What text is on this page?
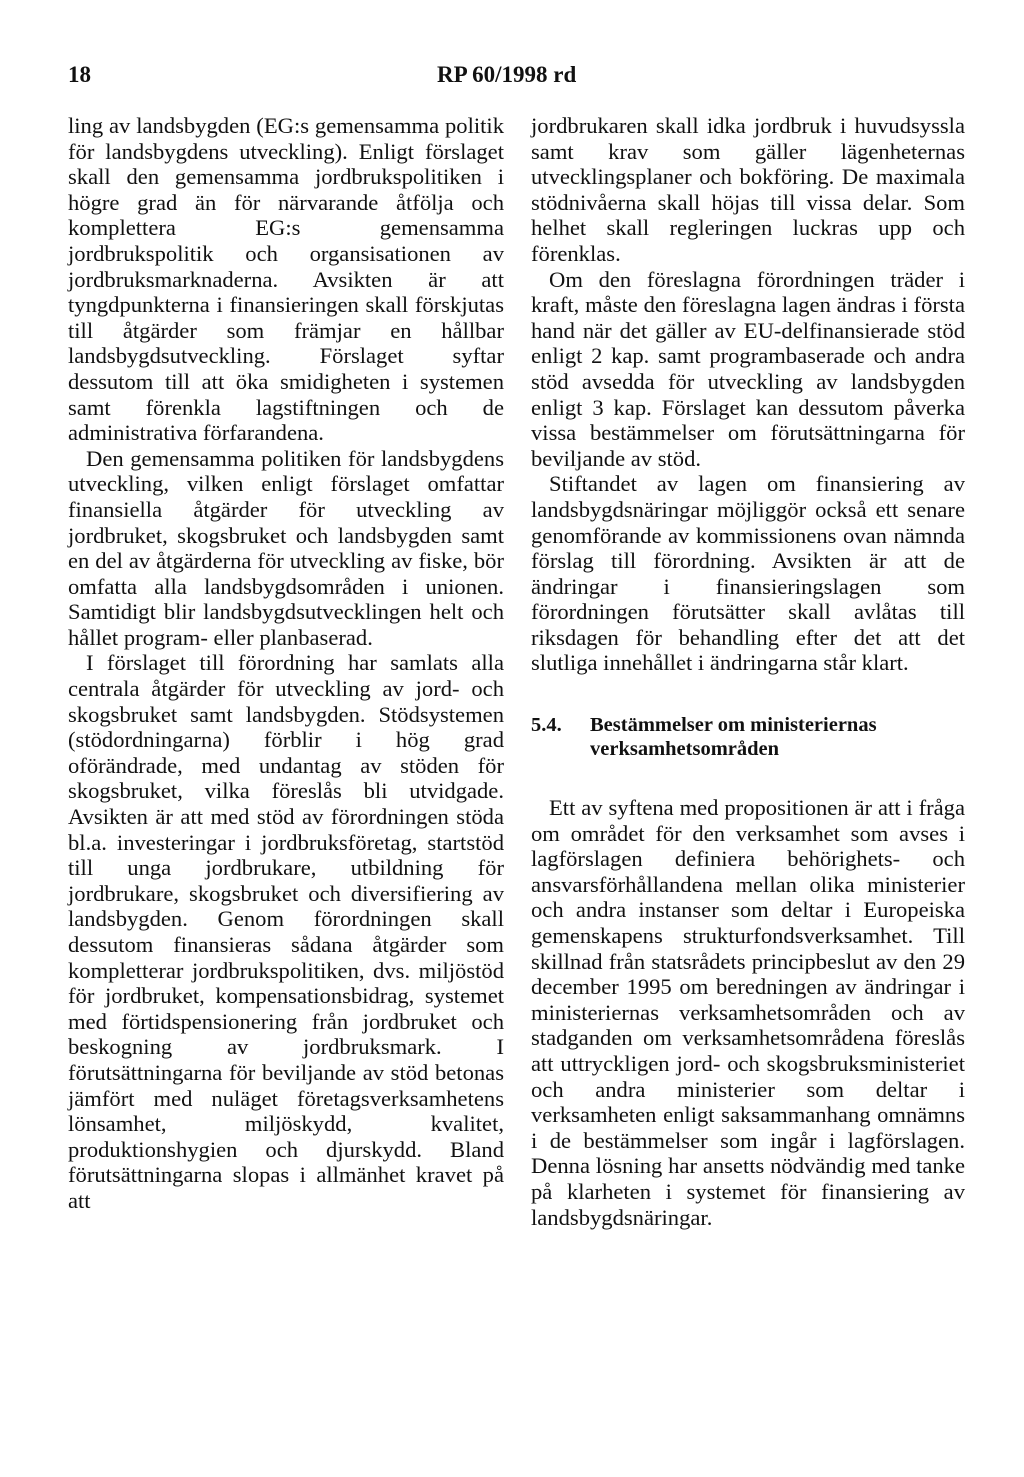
18	RP 60/1998 rd

ling av landsbygden (EG:s gemensamma politik för landsbygdens utveckling). Enligt förslaget skall den gemensamma jordbrukspolitiken i högre grad än för närvarande åtfölja och komplettera EG:s gemensamma jordbrukspolitik och organsisationen av jordbruksmarknaderna. Avsikten är att tyngdpunkterna i finansieringen skall förskjutas till åtgärder som främjar en hållbar landsbygdsutveckling. Förslaget syftar dessutom till att öka smidigheten i systemen samt förenkla lagstiftningen och de administrativa förfarandena.

Den gemensamma politiken för landsbygdens utveckling, vilken enligt förslaget omfattar finansiella åtgärder för utveckling av jordbruket, skogsbruket och landsbygden samt en del av åtgärderna för utveckling av fiske, bör omfatta alla landsbygdsområden i unionen. Samtidigt blir landsbygdsutvecklingen helt och hållet program- eller planbaserad.

I förslaget till förordning har samlats alla centrala åtgärder för utveckling av jord- och skogsbruket samt landsbygden. Stödsystemen (stödordningarna) förblir i hög grad oförändrade, med undantag av stöden för skogsbruket, vilka föreslås bli utvidgade. Avsikten är att med stöd av förordningen stöda bl.a. investeringar i jordbruksföretag, startstöd till unga jordbrukare, utbildning för jordbrukare, skogsbruket och diversifiering av landsbygden. Genom förordningen skall dessutom finansieras sådana åtgärder som kompletterar jordbrukspolitiken, dvs. miljöstöd för jordbruket, kompensationsbidrag, systemet med förtidspensionering från jordbruket och beskogning av jordbruksmark. I förutsättningarna för beviljande av stöd betonas jämfört med nuläget företagsverksamhetens lönsamhet, miljöskydd, kvalitet, produktionshygien och djurskydd. Bland förutsättningarna slopas i allmänhet kravet på att

jordbrukaren skall idka jordbruk i huvudsyssla samt krav som gäller lägenheternas utvecklingsplaner och bokföring. De maximala stödnivåerna skall höjas till vissa delar. Som helhet skall regleringen luckras upp och förenklas.

Om den föreslagna förordningen träder i kraft, måste den föreslagna lagen ändras i första hand när det gäller av EU-delfinansierade stöd enligt 2 kap. samt programbaserade och andra stöd avsedda för utveckling av landsbygden enligt 3 kap. Förslaget kan dessutom påverka vissa bestämmelser om förutsättningarna för beviljande av stöd.

Stiftandet av lagen om finansiering av landsbygdsnäringar möjliggör också ett senare genomförande av kommissionens ovan nämnda förslag till förordning. Avsikten är att de ändringar i finansieringslagen som förordningen förutsätter skall avlåtas till riksdagen för behandling efter det att det slutliga innehållet i ändringarna står klart.

5.4.	Bestämmelser om ministeriernas verksamhetsområden

Ett av syftena med propositionen är att i fråga om området för den verksamhet som avses i lagförslagen definiera behörighets- och ansvarsförhållandena mellan olika ministerier och andra instanser som deltar i Europeiska gemenskapens strukturfondsverksamhet. Till skillnad från statsrådets principbeslut av den 29 december 1995 om beredningen av ändringar i ministeriernas verksamhetsområden och av stadganden om verksamhetsområdena föreslås att uttryckligen jord- och skogsbruksministeriet och andra ministerier som deltar i verksamheten enligt saksammanhang omnämns i de bestämmelser som ingår i lagförslagen. Denna lösning har ansetts nödvändig med tanke på klarheten i systemet för finansiering av landsbygdsnäringar.
